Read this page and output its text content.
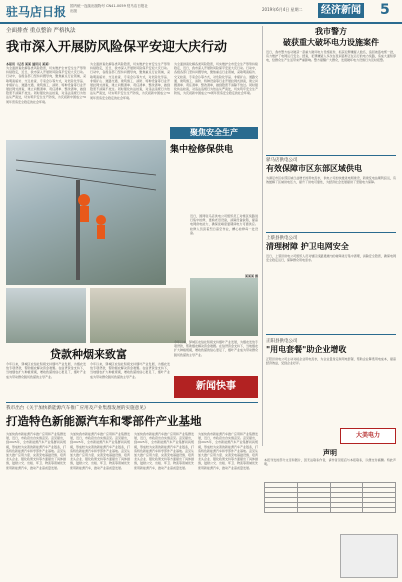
驻马店日报 国内统一连续出版物号 CN41-0059 驻马店日报社出版	2019年6月4日 星期二	经济新闻 5
全面排查 重点整治 严格执法
我市深入开展防风险保平安迎大庆行动
本报讯（记者 某某 通讯员 某某）
为全面排查化解各类风险隐患，切实维护全市安全生产形势持续稳定，近日，我市深入开展防风险保平安迎大庆行动。行动中，各级各部门坚持问题导向，聚焦重点行业领域，采取明查暗访、交叉检查、专家会诊等方式，对危险化学品、非煤矿山、道路交通、建筑施工、消防、特种设备等行业开展拉网式排查，建立问题清单、责任清单、整改清单，做到隐患不消除不放过。同时强化执法检查，对违法违规行为依法从严查处，切实筑牢安全生产防线，为庆祝新中国成立70周年营造安全稳定的社会环境。
为全面排查化解各类风险隐患，切实维护全市安全生产形势持续稳定，近日，我市深入开展防风险保平安迎大庆行动。行动中，各级各部门坚持问题导向，聚焦重点行业领域，采取明查暗访、交叉检查、专家会诊等方式，对危险化学品、非煤矿山、道路交通、建筑施工、消防、特种设备等行业开展拉网式排查，建立问题清单、责任清单、整改清单，做到隐患不消除不放过。同时强化执法检查，对违法违规行为依法从严查处，切实筑牢安全生产防线，为庆祝新中国成立70周年营造安全稳定的社会环境。
为全面排查化解各类风险隐患，切实维护全市安全生产形势持续稳定，近日，我市深入开展防风险保平安迎大庆行动。行动中，各级各部门坚持问题导向，聚焦重点行业领域，采取明查暗访、交叉检查、专家会诊等方式，对危险化学品、非煤矿山、道路交通、建筑施工、消防、特种设备等行业开展拉网式排查，建立问题清单、责任清单、整改清单，做到隐患不消除不放过。同时强化执法检查，对违法违规行为依法从严查处，切实筑牢安全生产防线，为庆祝新中国成立70周年营造安全稳定的社会环境。
聚焦安全生产
集中检修保供电
近日，国网驻马店供电公司组织员工对辖区线路进行集中检修，更换老旧设备，消除设备缺陷，提高电网供电能力，确保迎峰度夏期间电力可靠供应。检修人员顶着烈日高空作业，精心检修每一处设备。
某某某 摄
贷款种烟来致富
今年以来，驿城区农信社积极支持烟叶产业发展，为烟农发放专项贷款，帮助烟农解决资金难题。在信贷资金支持下，当地烟农扩大种植规模，增收致富的信心更足了，烟叶产业成为带动群众脱贫致富的主导产业。
今年以来，驿城区农信社积极支持烟叶产业发展，为烟农发放专项贷款，帮助烟农解决资金难题。在信贷资金支持下，当地烟农扩大种植规模，增收致富的信心更足了，烟叶产业成为带动群众脱贫致富的主导产业。
今年以来，驿城区农信社积极支持烟叶产业发展，为烟农发放专项贷款，帮助烟农解决资金难题。在信贷资金支持下，当地烟农扩大种植规模，增收致富的信心更足了，烟叶产业成为带动群众脱贫致富的主导产业。
新闻快事
我市出台《关于加快新能源汽车推广应用及产业集群发展的实施意见》
打造特色新能源汽车和零部件产业基地
为加快我市新能源汽车推广应用和产业集群发展，近日，市政府出台实施意见。意见提出，到2025年，全市新能源汽车产业集群初具规模，形成较为完善的新能源汽车产业链条，打造特色新能源汽车和零部件产业基地。意见从加大推广应用力度、完善充电基础设施、培育龙头企业、强化政策支持等方面提出了具体措施，鼓励公交、出租、环卫、物流等领域优先使用新能源汽车，推动产业高质量发展。
为加快我市新能源汽车推广应用和产业集群发展，近日，市政府出台实施意见。意见提出，到2025年，全市新能源汽车产业集群初具规模，形成较为完善的新能源汽车产业链条，打造特色新能源汽车和零部件产业基地。意见从加大推广应用力度、完善充电基础设施、培育龙头企业、强化政策支持等方面提出了具体措施，鼓励公交、出租、环卫、物流等领域优先使用新能源汽车，推动产业高质量发展。
为加快我市新能源汽车推广应用和产业集群发展，近日，市政府出台实施意见。意见提出，到2025年，全市新能源汽车产业集群初具规模，形成较为完善的新能源汽车产业链条，打造特色新能源汽车和零部件产业基地。意见从加大推广应用力度、完善充电基础设施、培育龙头企业、强化政策支持等方面提出了具体措施，鼓励公交、出租、环卫、物流等领域优先使用新能源汽车，推动产业高质量发展。
为加快我市新能源汽车推广应用和产业集群发展，近日，市政府出台实施意见。意见提出，到2025年，全市新能源汽车产业集群初具规模，形成较为完善的新能源汽车产业链条，打造特色新能源汽车和零部件产业基地。意见从加大推广应用力度、完善充电基础设施、培育龙头企业、强化政策支持等方面提出了具体措施，鼓励公交、出租、环卫、物流等领域优先使用新能源汽车，推动产业高质量发展。
我市警方
破获重大破坏电力设施案件
近日，我市警方成功破获一起重大破坏电力设施案件，抓获犯罪嫌疑人数名，追回被盗电缆一批，有力维护了电网运行安全。经查，犯罪嫌疑人多次在夜间盗剪正在运行的电力线路，造成大面积停电，给群众生产生活带来严重影响。警方提醒广大群众，发现破坏电力设施行为及时报警。
驿马店供电公司
有效保障市区东部区域供电
为满足市区东部区域日益增长的用电需求，供电公司加快推进电网建设，新建变电站顺利投运，有效缓解了区域供电压力，提升了供电可靠性，为经济社会发展提供了坚强电力保障。
上蔡县供电公司
清理树障 护卫电网安全
近日，上蔡县供电公司组织人员对辖区线路通道内的树障进行集中清理，消除安全隐患，确保电网安全稳定运行，保障群众用电需求。
正阳县供电公司
"用电套餐"助企业增收
正阳县供电公司主动对接企业用电需求，为企业量身定制用电套餐，帮助企业降低用电成本，提高经济效益，受到企业好评。
大美电力
声明
本报刊发的部分文章和图片，因无法联系作者，请作者见报后与本报联系，以便支付稿酬。特此声明。
